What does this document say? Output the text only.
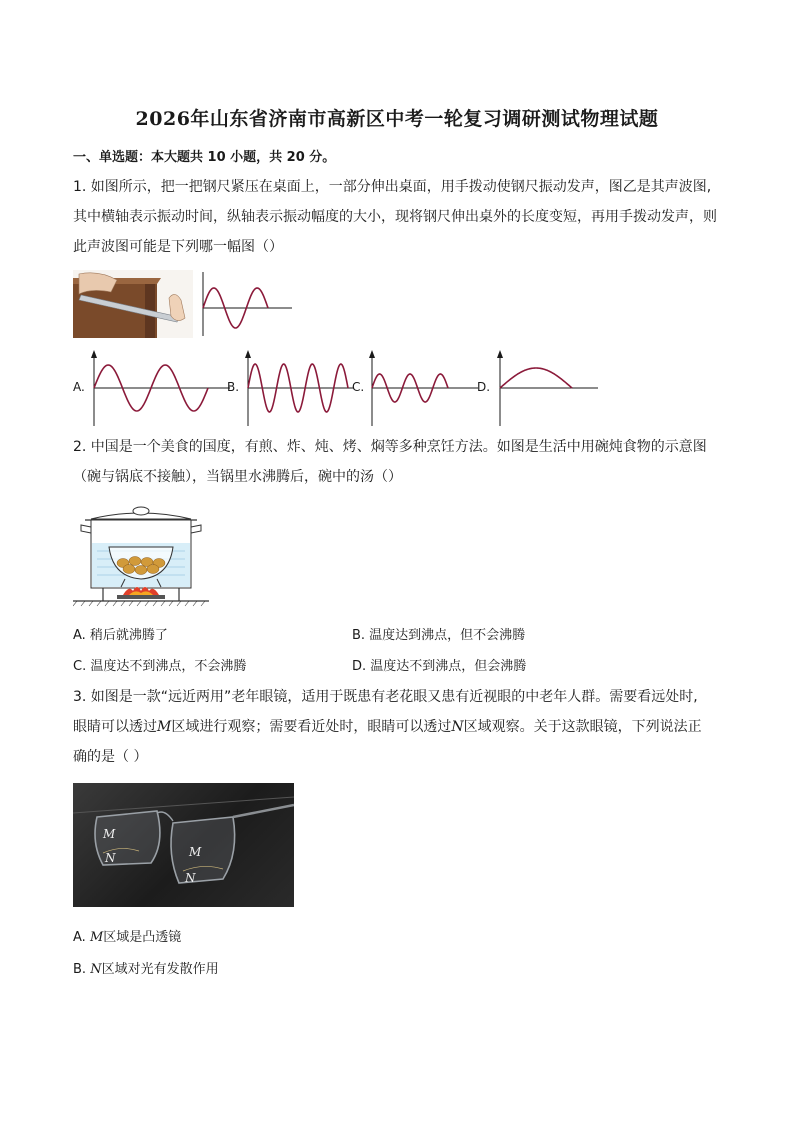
2026年山东省济南市高新区中考一轮复习调研测试物理试题
一、单选题：本大题共 10 小题，共 20 分。
1. 如图所示，把一把钢尺紧压在桌面上，一部分伸出桌面，用手拨动使钢尺振动发声，图乙是其声波图,
其中横轴表示振动时间，纵轴表示振动幅度的大小，现将钢尺伸出桌外的长度变短，再用手拨动发声，则
此声波图可能是下列哪一幅图（）
A.	B.	C.	D.
2. 中国是一个美食的国度，有煎、炸、炖、烤、焖等多种烹饪方法。如图是生活中用碗炖食物的示意图
（碗与锅底不接触），当锅里水沸腾后，碗中的汤（）
A. 稍后就沸腾了	B. 温度达到沸点，但不会沸腾
C. 温度达不到沸点，不会沸腾	D. 温度达不到沸点，但会沸腾
3. 如图是一款“远近两用”老年眼镜，适用于既患有老花眼又患有近视眼的中老年人群。需要看远处时,
眼睛可以透过M区域进行观察；需要看近处时，眼睛可以透过N区域观察。关于这款眼镜，下列说法正
确的是（ ）
M
N	M
N
A. M区域是凸透镜
B. N区域对光有发散作用
